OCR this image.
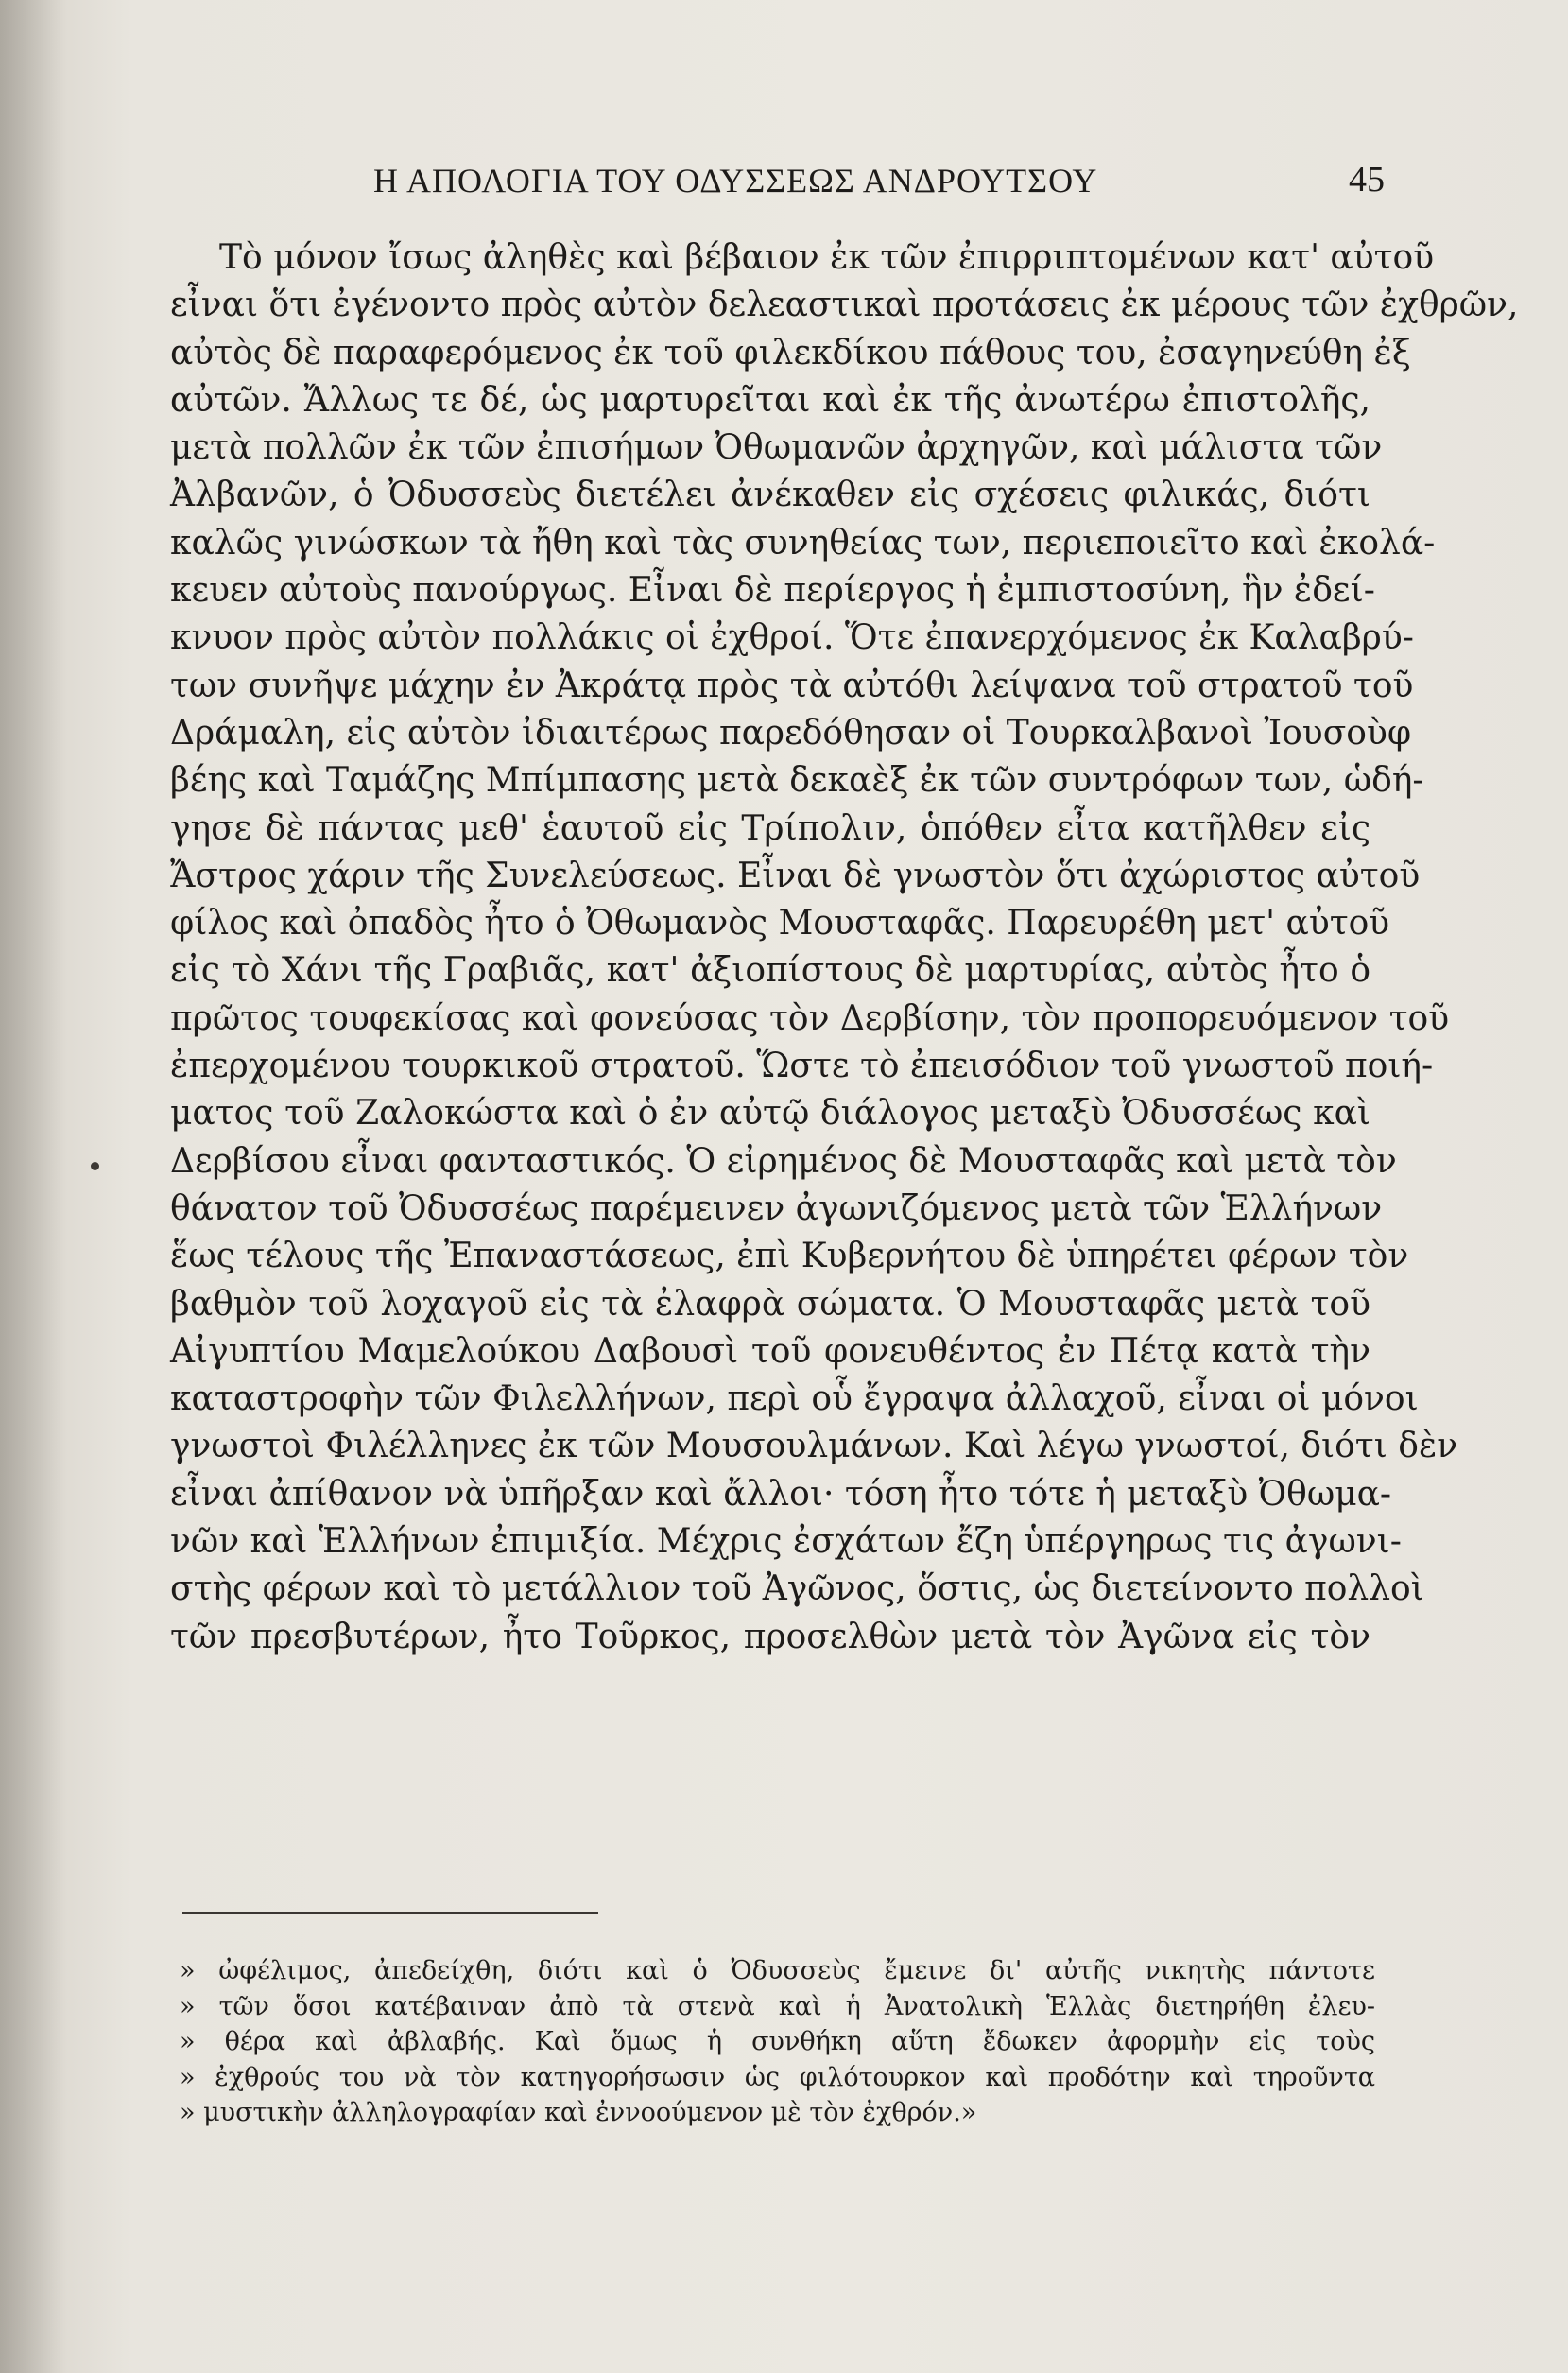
Η ΑΠΟΛΟΓΙΑ ΤΟΥ ΟΔΥΣΣΕΩΣ ΑΝΔΡΟΥΤΣΟΥ	45
Τὸ μόνον ἴσως ἀληθὲς καὶ βέβαιον ἐκ τῶν ἐπιρριπτομένων κατ' αὐτοῦ
εἶναι ὅτι ἐγένοντο πρὸς αὐτὸν δελεαστικαὶ προτάσεις ἐκ μέρους τῶν ἐχθρῶν,
αὐτὸς δὲ παραφερόμενος ἐκ τοῦ φιλεκδίκου πάθους του, ἐσαγηνεύθη ἐξ
αὐτῶν. Ἄλλως τε δέ, ὡς μαρτυρεῖται καὶ ἐκ τῆς ἀνωτέρω ἐπιστολῆς,
μετὰ πολλῶν ἐκ τῶν ἐπισήμων Ὀθωμανῶν ἀρχηγῶν, καὶ μάλιστα τῶν
Ἀλβανῶν, ὁ Ὀδυσσεὺς διετέλει ἀνέκαθεν εἰς σχέσεις φιλικάς, διότι
καλῶς γινώσκων τὰ ἤθη καὶ τὰς συνηθείας των, περιεποιεῖτο καὶ ἐκολά-
κευεν αὐτοὺς πανούργως. Εἶναι δὲ περίεργος ἡ ἐμπιστοσύνη, ἣν ἐδεί-
κνυον πρὸς αὐτὸν πολλάκις οἱ ἐχθροί. Ὅτε ἐπανερχόμενος ἐκ Καλαβρύ-
των συνῆψε μάχην ἐν Ἀκράτᾳ πρὸς τὰ αὐτόθι λείψανα τοῦ στρατοῦ τοῦ
Δράμαλη, εἰς αὐτὸν ἰδιαιτέρως παρεδόθησαν οἱ Τουρκαλβανοὶ Ἰουσοὺφ
βέης καὶ Ταμάζης Μπίμπασης μετὰ δεκαὲξ ἐκ τῶν συντρόφων των, ὡδή-
γησε δὲ πάντας μεθ' ἑαυτοῦ εἰς Τρίπολιν, ὁπόθεν εἶτα κατῆλθεν εἰς
Ἄστρος χάριν τῆς Συνελεύσεως. Εἶναι δὲ γνωστὸν ὅτι ἀχώριστος αὐτοῦ
φίλος καὶ ὀπαδὸς ἦτο ὁ Ὀθωμανὸς Μουσταφᾶς. Παρευρέθη μετ' αὐτοῦ
εἰς τὸ Χάνι τῆς Γραβιᾶς, κατ' ἀξιοπίστους δὲ μαρτυρίας, αὐτὸς ἦτο ὁ
πρῶτος τουφεκίσας καὶ φονεύσας τὸν Δερβίσην, τὸν προπορευόμενον τοῦ
ἐπερχομένου τουρκικοῦ στρατοῦ. Ὥστε τὸ ἐπεισόδιον τοῦ γνωστοῦ ποιή-
ματος τοῦ Ζαλοκώστα καὶ ὁ ἐν αὐτῷ διάλογος μεταξὺ Ὀδυσσέως καὶ
Δερβίσου εἶναι φανταστικός. Ὁ εἰρημένος δὲ Μουσταφᾶς καὶ μετὰ τὸν
θάνατον τοῦ Ὀδυσσέως παρέμεινεν ἀγωνιζόμενος μετὰ τῶν Ἑλλήνων
ἕως τέλους τῆς Ἐπαναστάσεως, ἐπὶ Κυβερνήτου δὲ ὑπηρέτει φέρων τὸν
βαθμὸν τοῦ λοχαγοῦ εἰς τὰ ἐλαφρὰ σώματα. Ὁ Μουσταφᾶς μετὰ τοῦ
Αἰγυπτίου Μαμελούκου Δαβουσὶ τοῦ φονευθέντος ἐν Πέτᾳ κατὰ τὴν
καταστροφὴν τῶν Φιλελλήνων, περὶ οὗ ἔγραψα ἀλλαχοῦ, εἶναι οἱ μόνοι
γνωστοὶ Φιλέλληνες ἐκ τῶν Μουσουλμάνων. Καὶ λέγω γνωστοί, διότι δὲν
εἶναι ἀπίθανον νὰ ὑπῆρξαν καὶ ἄλλοι· τόση ἦτο τότε ἡ μεταξὺ Ὀθωμα-
νῶν καὶ Ἑλλήνων ἐπιμιξία. Μέχρις ἐσχάτων ἔζη ὑπέργηρως τις ἀγωνι-
στὴς φέρων καὶ τὸ μετάλλιον τοῦ Ἀγῶνος, ὅστις, ὡς διετείνοντο πολλοὶ
τῶν πρεσβυτέρων, ἦτο Τοῦρκος, προσελθὼν μετὰ τὸν Ἀγῶνα εἰς τὸν
» ὠφέλιμος, ἀπεδείχθη, διότι καὶ ὁ Ὀδυσσεὺς ἔμεινε δι' αὐτῆς νικητὴς πάντοτε
» τῶν ὅσοι κατέβαιναν ἀπὸ τὰ στενὰ καὶ ἡ Ἀνατολικὴ Ἑλλὰς διετηρήθη ἐλευ-
» θέρα καὶ ἀβλαβής. Καὶ ὅμως ἡ συνθήκη αὕτη ἔδωκεν ἀφορμὴν εἰς τοὺς
» ἐχθρούς του νὰ τὸν κατηγορήσωσιν ὡς φιλότουρκον καὶ προδότην καὶ τηροῦντα
» μυστικὴν ἀλληλογραφίαν καὶ ἐννοούμενον μὲ τὸν ἐχθρόν.»
